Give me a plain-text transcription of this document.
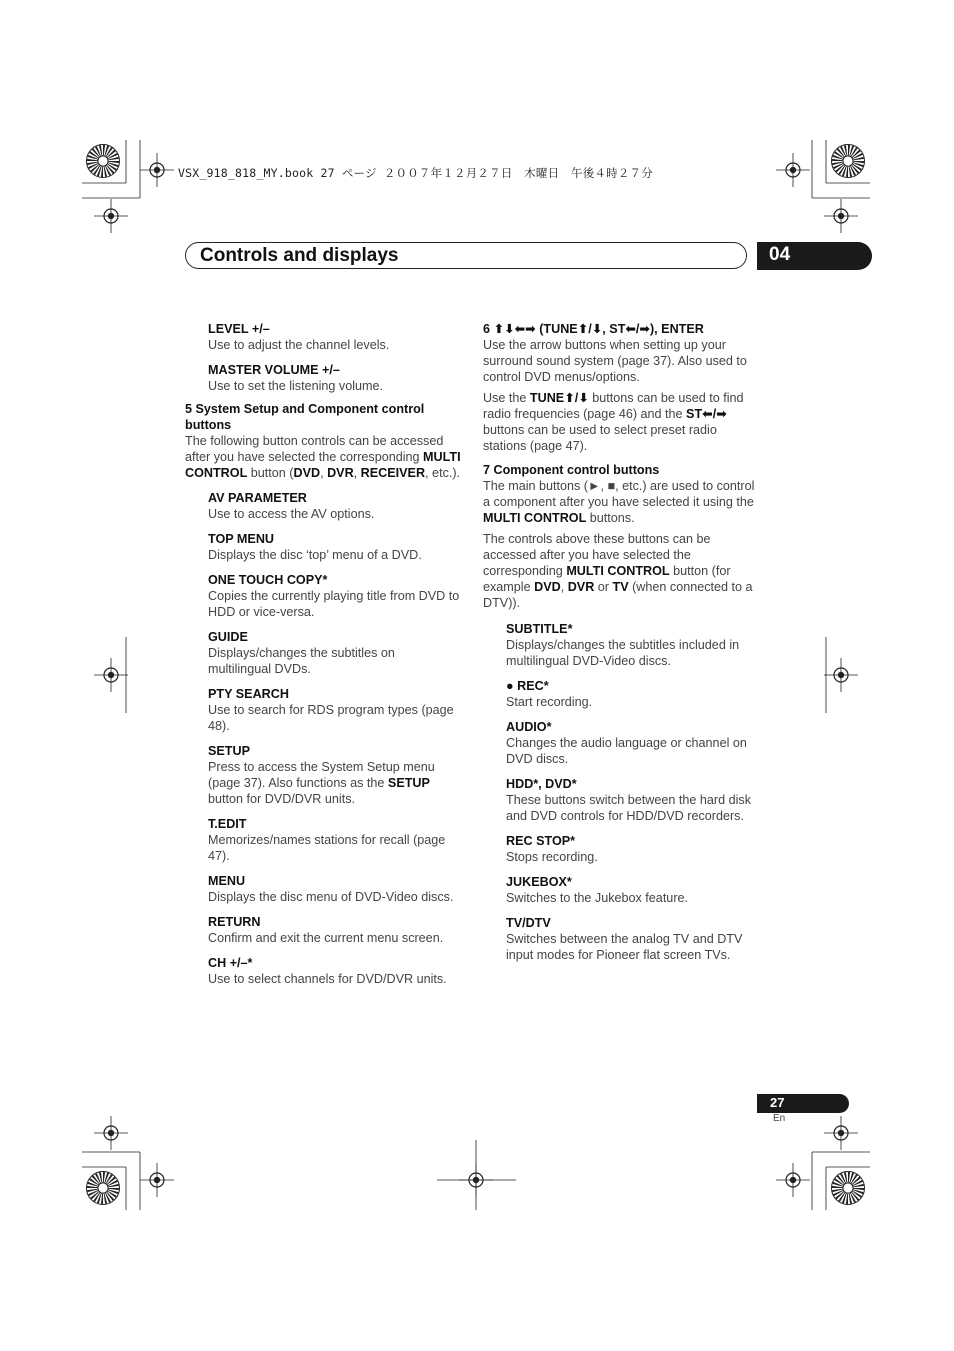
VSX_918_818_MY.book 27 ページ ２００７年１２月２７日　木曜日　午後４時２７分
Controls and displays	04
LEVEL +/–
Use to adjust the channel levels.
MASTER VOLUME +/–
Use to set the listening volume.
5 System Setup and Component control buttons
The following button controls can be accessed after you have selected the corresponding MULTI CONTROL button (DVD, DVR, RECEIVER, etc.).
AV PARAMETER
Use to access the AV options.
TOP MENU
Displays the disc ‘top’ menu of a DVD.
ONE TOUCH COPY*
Copies the currently playing title from DVD to HDD or vice-versa.
GUIDE
Displays/changes the subtitles on multilingual DVDs.
PTY SEARCH
Use to search for RDS program types (page 48).
SETUP
Press to access the System Setup menu (page 37). Also functions as the SETUP button for DVD/DVR units.
T.EDIT
Memorizes/names stations for recall (page 47).
MENU
Displays the disc menu of DVD-Video discs.
RETURN
Confirm and exit the current menu screen.
CH +/–*
Use to select channels for DVD/DVR units.
6 ⬆⬇⬅➡ (TUNE⬆/⬇, ST⬅/➡), ENTER
Use the arrow buttons when setting up your surround sound system (page 37). Also used to control DVD menus/options.
Use the TUNE⬆/⬇ buttons can be used to find radio frequencies (page 46) and the ST⬅/➡ buttons can be used to select preset radio stations (page 47).
7 Component control buttons
The main buttons (►, ■, etc.) are used to control a component after you have selected it using the MULTI CONTROL buttons.
The controls above these buttons can be accessed after you have selected the corresponding MULTI CONTROL button (for example DVD, DVR or TV (when connected to a DTV)).
SUBTITLE*
Displays/changes the subtitles included in multilingual DVD-Video discs.
● REC*
Start recording.
AUDIO*
Changes the audio language or channel on DVD discs.
HDD*, DVD*
These buttons switch between the hard disk and DVD controls for HDD/DVD recorders.
REC STOP*
Stops recording.
JUKEBOX*
Switches to the Jukebox feature.
TV/DTV
Switches between the analog TV and DTV input modes for Pioneer flat screen TVs.
27
En
